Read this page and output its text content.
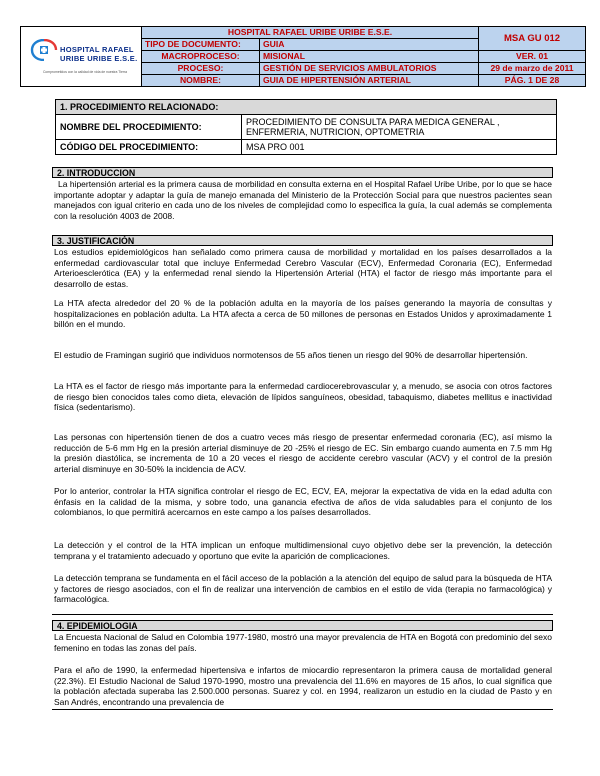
HOSPITAL RAFAEL
URIBE URIBE E.S.E.
Comprometidos con la calidad de vida de nuestra Tierra	HOSPITAL RAFAEL URIBE URIBE E.S.E.		MSA GU 012
	TIPO DE DOCUMENTO:	GUIA	
	MACROPROCESO:	MISIONAL	VER. 01
	PROCESO:	GESTIÓN DE SERVICIOS AMBULATORIOS	29 de marzo de 2011
	NOMBRE:	GUIA DE HIPERTENSIÓN ARTERIAL	PÁG. 1 DE 28
1. PROCEDIMIENTO RELACIONADO:	
NOMBRE DEL PROCEDIMIENTO:	PROCEDIMIENTO DE CONSULTA PARA MEDICA GENERAL , ENFERMERIA, NUTRICION, OPTOMETRIA
CÓDIGO DEL PROCEDIMIENTO:	MSA PRO 001
2. INTRODUCCION
La hipertensión arterial es la primera causa de morbilidad en consulta externa en el Hospital Rafael Uribe Uribe, por lo que se hace importante adoptar y adaptar la guía de manejo emanada del Ministerio de la Protección Social para que nuestros pacientes sean manejados con igual criterio en cada uno de los niveles de complejidad como lo especifica la guía, la cual además se complementa con la resolución 4003 de 2008.
3. JUSTIFICACIÓN
Los estudios epidemiológicos han señalado como primera causa de morbilidad y mortalidad en los países desarrollados a la enfermedad cardiovascular total que incluye Enfermedad Cerebro Vascular (ECV), Enfermedad Coronaria (EC), Enfermedad Arterioesclerótica (EA) y la enfermedad renal siendo la Hipertensión Arterial (HTA) el factor de riesgo más importante para el desarrollo de estas.
La HTA afecta alrededor del 20 % de la población adulta en la mayoría de los países generando la mayoría de consultas y hospitalizaciones en población adulta. La HTA afecta a cerca de 50 millones de personas en Estados Unidos y aproximadamente 1 billón en el mundo.
El estudio de Framingan sugirió que individuos normotensos de 55 años tienen un riesgo del 90% de desarrollar hipertensión.
La HTA es el factor de riesgo más importante para la enfermedad cardiocerebrovascular y, a menudo, se asocia con otros factores de riesgo bien conocidos tales como dieta, elevación de lípidos sanguíneos, obesidad, tabaquismo, diabetes mellitus e inactividad física (sedentarismo).
Las personas con hipertensión tienen de dos a cuatro veces más riesgo de presentar enfermedad coronaria (EC), así mismo la reducción de 5-6 mm Hg en la presión arterial disminuye de 20 -25% el riesgo de EC. Sin embargo cuando aumenta en 7.5 mm Hg la presión diastólica, se incrementa de 10 a 20 veces el riesgo de accidente cerebro vascular (ACV) y el control de la presión arterial disminuye en 30-50% la incidencia de ACV.
Por lo anterior, controlar la HTA significa controlar el riesgo de EC, ECV, EA, mejorar la expectativa de vida en la edad adulta con énfasis en la calidad de la misma, y sobre todo, una ganancia efectiva de años de vida saludables para el conjunto de los colombianos, lo que permitirá acercarnos en este campo a los países desarrollados.
La detección y el control de la HTA implican un enfoque multidimensional cuyo objetivo debe ser la prevención, la detección temprana y el tratamiento adecuado y oportuno que evite la aparición de complicaciones.
La detección temprana se fundamenta en el fácil acceso de la población a la atención del equipo de salud para la búsqueda de HTA y factores de riesgo asociados, con el fin de realizar una intervención de cambios en el estilo de vida (terapia no farmacológica) y farmacológica.
4. EPIDEMIOLOGIA
La Encuesta Nacional de Salud en Colombia 1977-1980, mostró una mayor prevalencia de HTA en Bogotá con predominio del sexo femenino en todas las zonas del país.
Para el año de 1990, la enfermedad hipertensiva e infartos de miocardio representaron la primera causa de mortalidad general (22.3%). El Estudio Nacional de Salud 1970-1990, mostro una prevalencia del 11.6% en mayores de 15 años, lo cual significa que la población afectada superaba las 2.500.000 personas. Suarez y col. en 1994, realizaron un estudio en la ciudad de Pasto y en San Andrés, encontrando una prevalencia de
